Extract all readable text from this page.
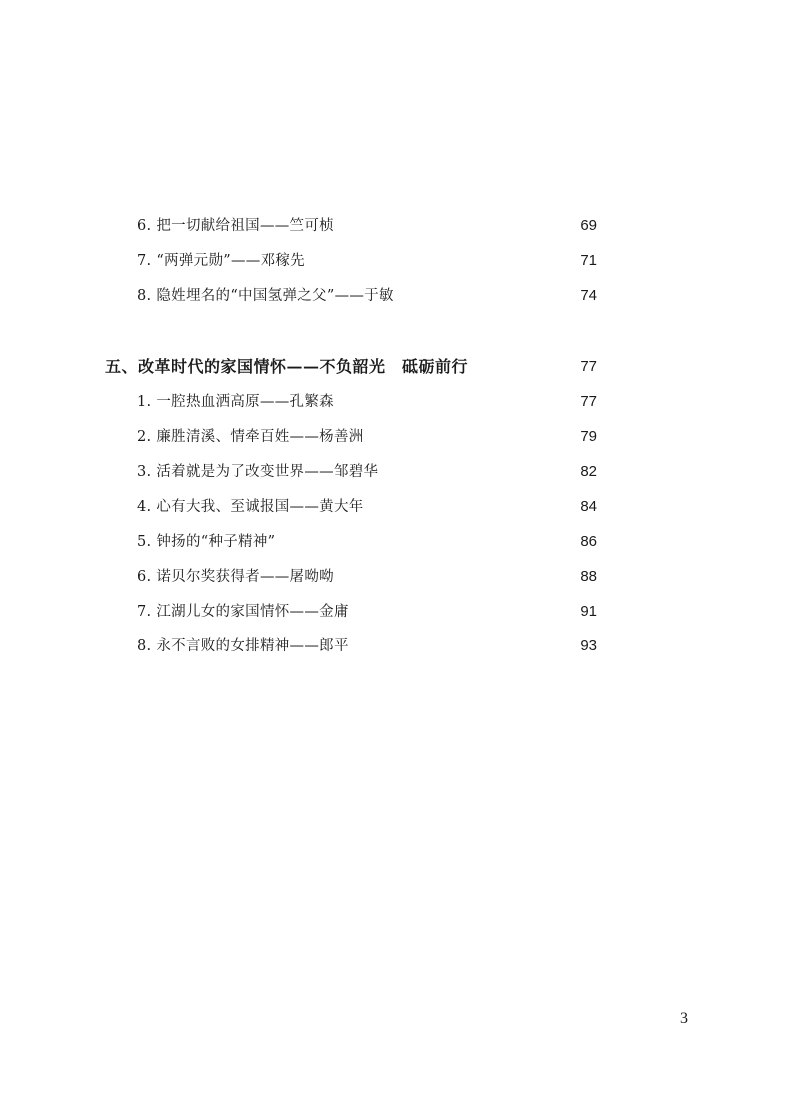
6. 把一切献给祖国——竺可桢	69
7. “两弹元勋”——邓稼先	71
8. 隐姓埋名的“中国氢弹之父”——于敏	74
五、改革时代的家国情怀——不负韶光　砥砺前行	77
1. 一腔热血洒高原——孔繁森	77
2. 廉胜清溪、情牵百姓——杨善洲	79
3. 活着就是为了改变世界——邹碧华	82
4. 心有大我、至诚报国——黄大年	84
5. 钟扬的“种子精神”	86
6. 诺贝尔奖获得者——屠呦呦	88
7. 江湖儿女的家国情怀——金庸	91
8. 永不言败的女排精神——郎平	93
3
